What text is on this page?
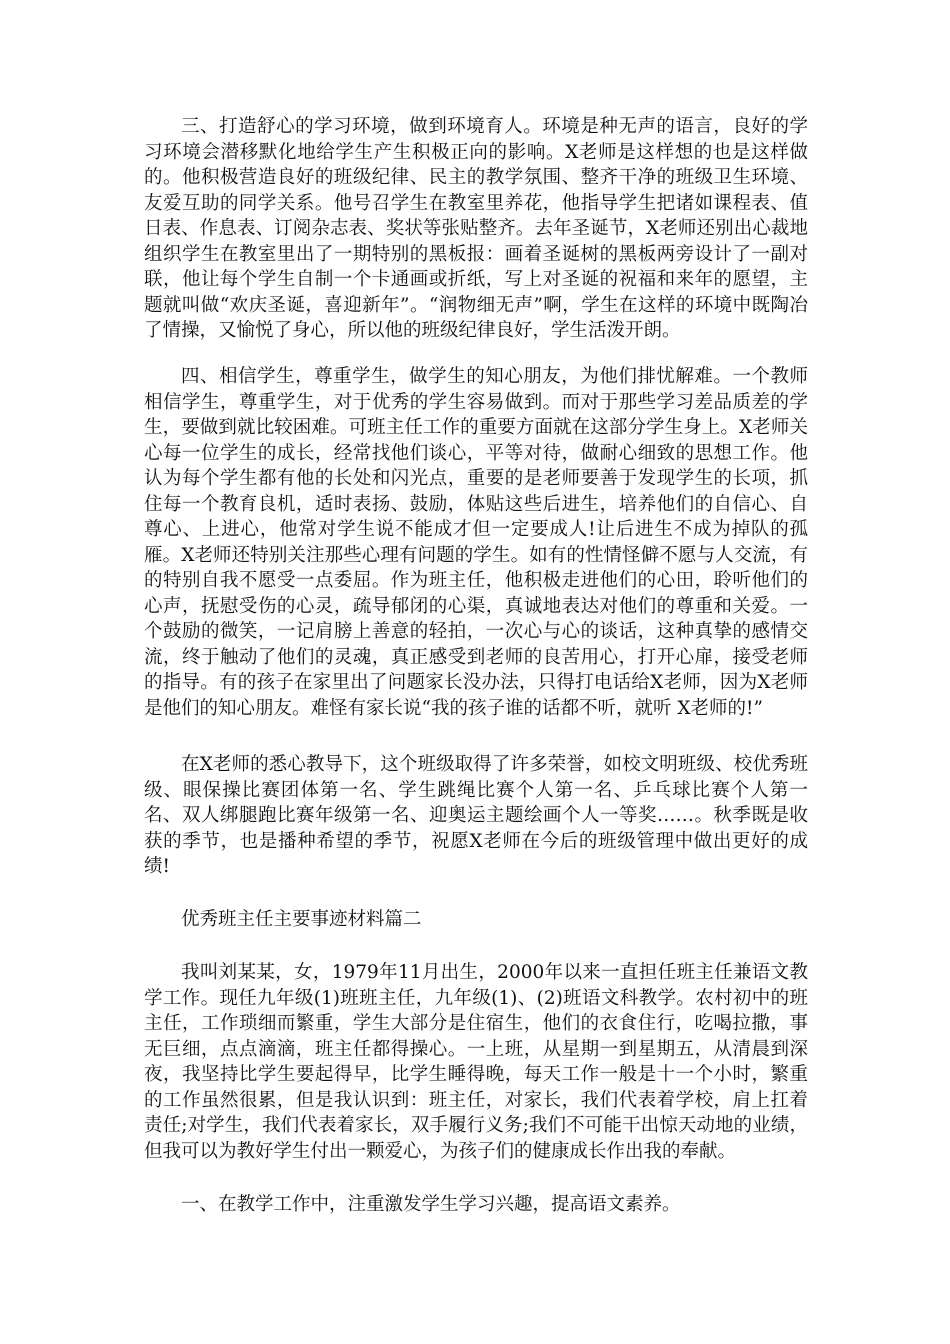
三、打造舒心的学习环境，做到环境育人。环境是种无声的语言，良好的学习环境会潜移默化地给学生产生积极正向的影响。X老师是这样想的也是这样做的。他积极营造良好的班级纪律、民主的教学氛围、整齐干净的班级卫生环境、友爱互助的同学关系。他号召学生在教室里养花，他指导学生把诸如课程表、值日表、作息表、订阅杂志表、奖状等张贴整齐。去年圣诞节，X老师还别出心裁地组织学生在教室里出了一期特别的黑板报：画着圣诞树的黑板两旁设计了一副对联，他让每个学生自制一个卡通画或折纸，写上对圣诞的祝福和来年的愿望，主题就叫做“欢庆圣诞，喜迎新年”。“润物细无声”啊，学生在这样的环境中既陶冶了情操，又愉悦了身心，所以他的班级纪律良好，学生活泼开朗。

四、相信学生，尊重学生，做学生的知心朋友，为他们排忧解难。一个教师相信学生，尊重学生，对于优秀的学生容易做到。而对于那些学习差品质差的学生，要做到就比较困难。可班主任工作的重要方面就在这部分学生身上。X老师关心每一位学生的成长，经常找他们谈心，平等对待，做耐心细致的思想工作。他认为每个学生都有他的长处和闪光点，重要的是老师要善于发现学生的长项，抓住每一个教育良机，适时表扬、鼓励，体贴这些后进生，培养他们的自信心、自尊心、上进心，他常对学生说不能成才但一定要成人!让后进生不成为掉队的孤雁。X老师还特别关注那些心理有问题的学生。如有的性情怪僻不愿与人交流，有的特别自我不愿受一点委屈。作为班主任，他积极走进他们的心田，聆听他们的心声，抚慰受伤的心灵，疏导郁闭的心渠，真诚地表达对他们的尊重和关爱。一个鼓励的微笑，一记肩膀上善意的轻拍，一次心与心的谈话，这种真挚的感情交流，终于触动了他们的灵魂，真正感受到老师的良苦用心，打开心扉，接受老师的指导。有的孩子在家里出了问题家长没办法，只得打电话给X老师，因为X老师是他们的知心朋友。难怪有家长说“我的孩子谁的话都不听，就听 X老师的!”

在X老师的悉心教导下，这个班级取得了许多荣誉，如校文明班级、校优秀班级、眼保操比赛团体第一名、学生跳绳比赛个人第一名、乒乓球比赛个人第一名、双人绑腿跑比赛年级第一名、迎奥运主题绘画个人一等奖……。秋季既是收获的季节，也是播种希望的季节，祝愿X老师在今后的班级管理中做出更好的成绩!

优秀班主任主要事迹材料篇二

我叫刘某某，女，1979年11月出生，2000年以来一直担任班主任兼语文教学工作。现任九年级(1)班班主任，九年级(1)、(2)班语文科教学。农村初中的班主任，工作琐细而繁重，学生大部分是住宿生，他们的衣食住行，吃喝拉撒，事无巨细，点点滴滴，班主任都得操心。一上班，从星期一到星期五，从清晨到深夜，我坚持比学生要起得早，比学生睡得晚，每天工作一般是十一个小时，繁重的工作虽然很累，但是我认识到：班主任，对家长，我们代表着学校，肩上扛着责任;对学生，我们代表着家长，双手履行义务;我们不可能干出惊天动地的业绩，但我可以为教好学生付出一颗爱心，为孩子们的健康成长作出我的奉献。

一、在教学工作中，注重激发学生学习兴趣，提高语文素养。
